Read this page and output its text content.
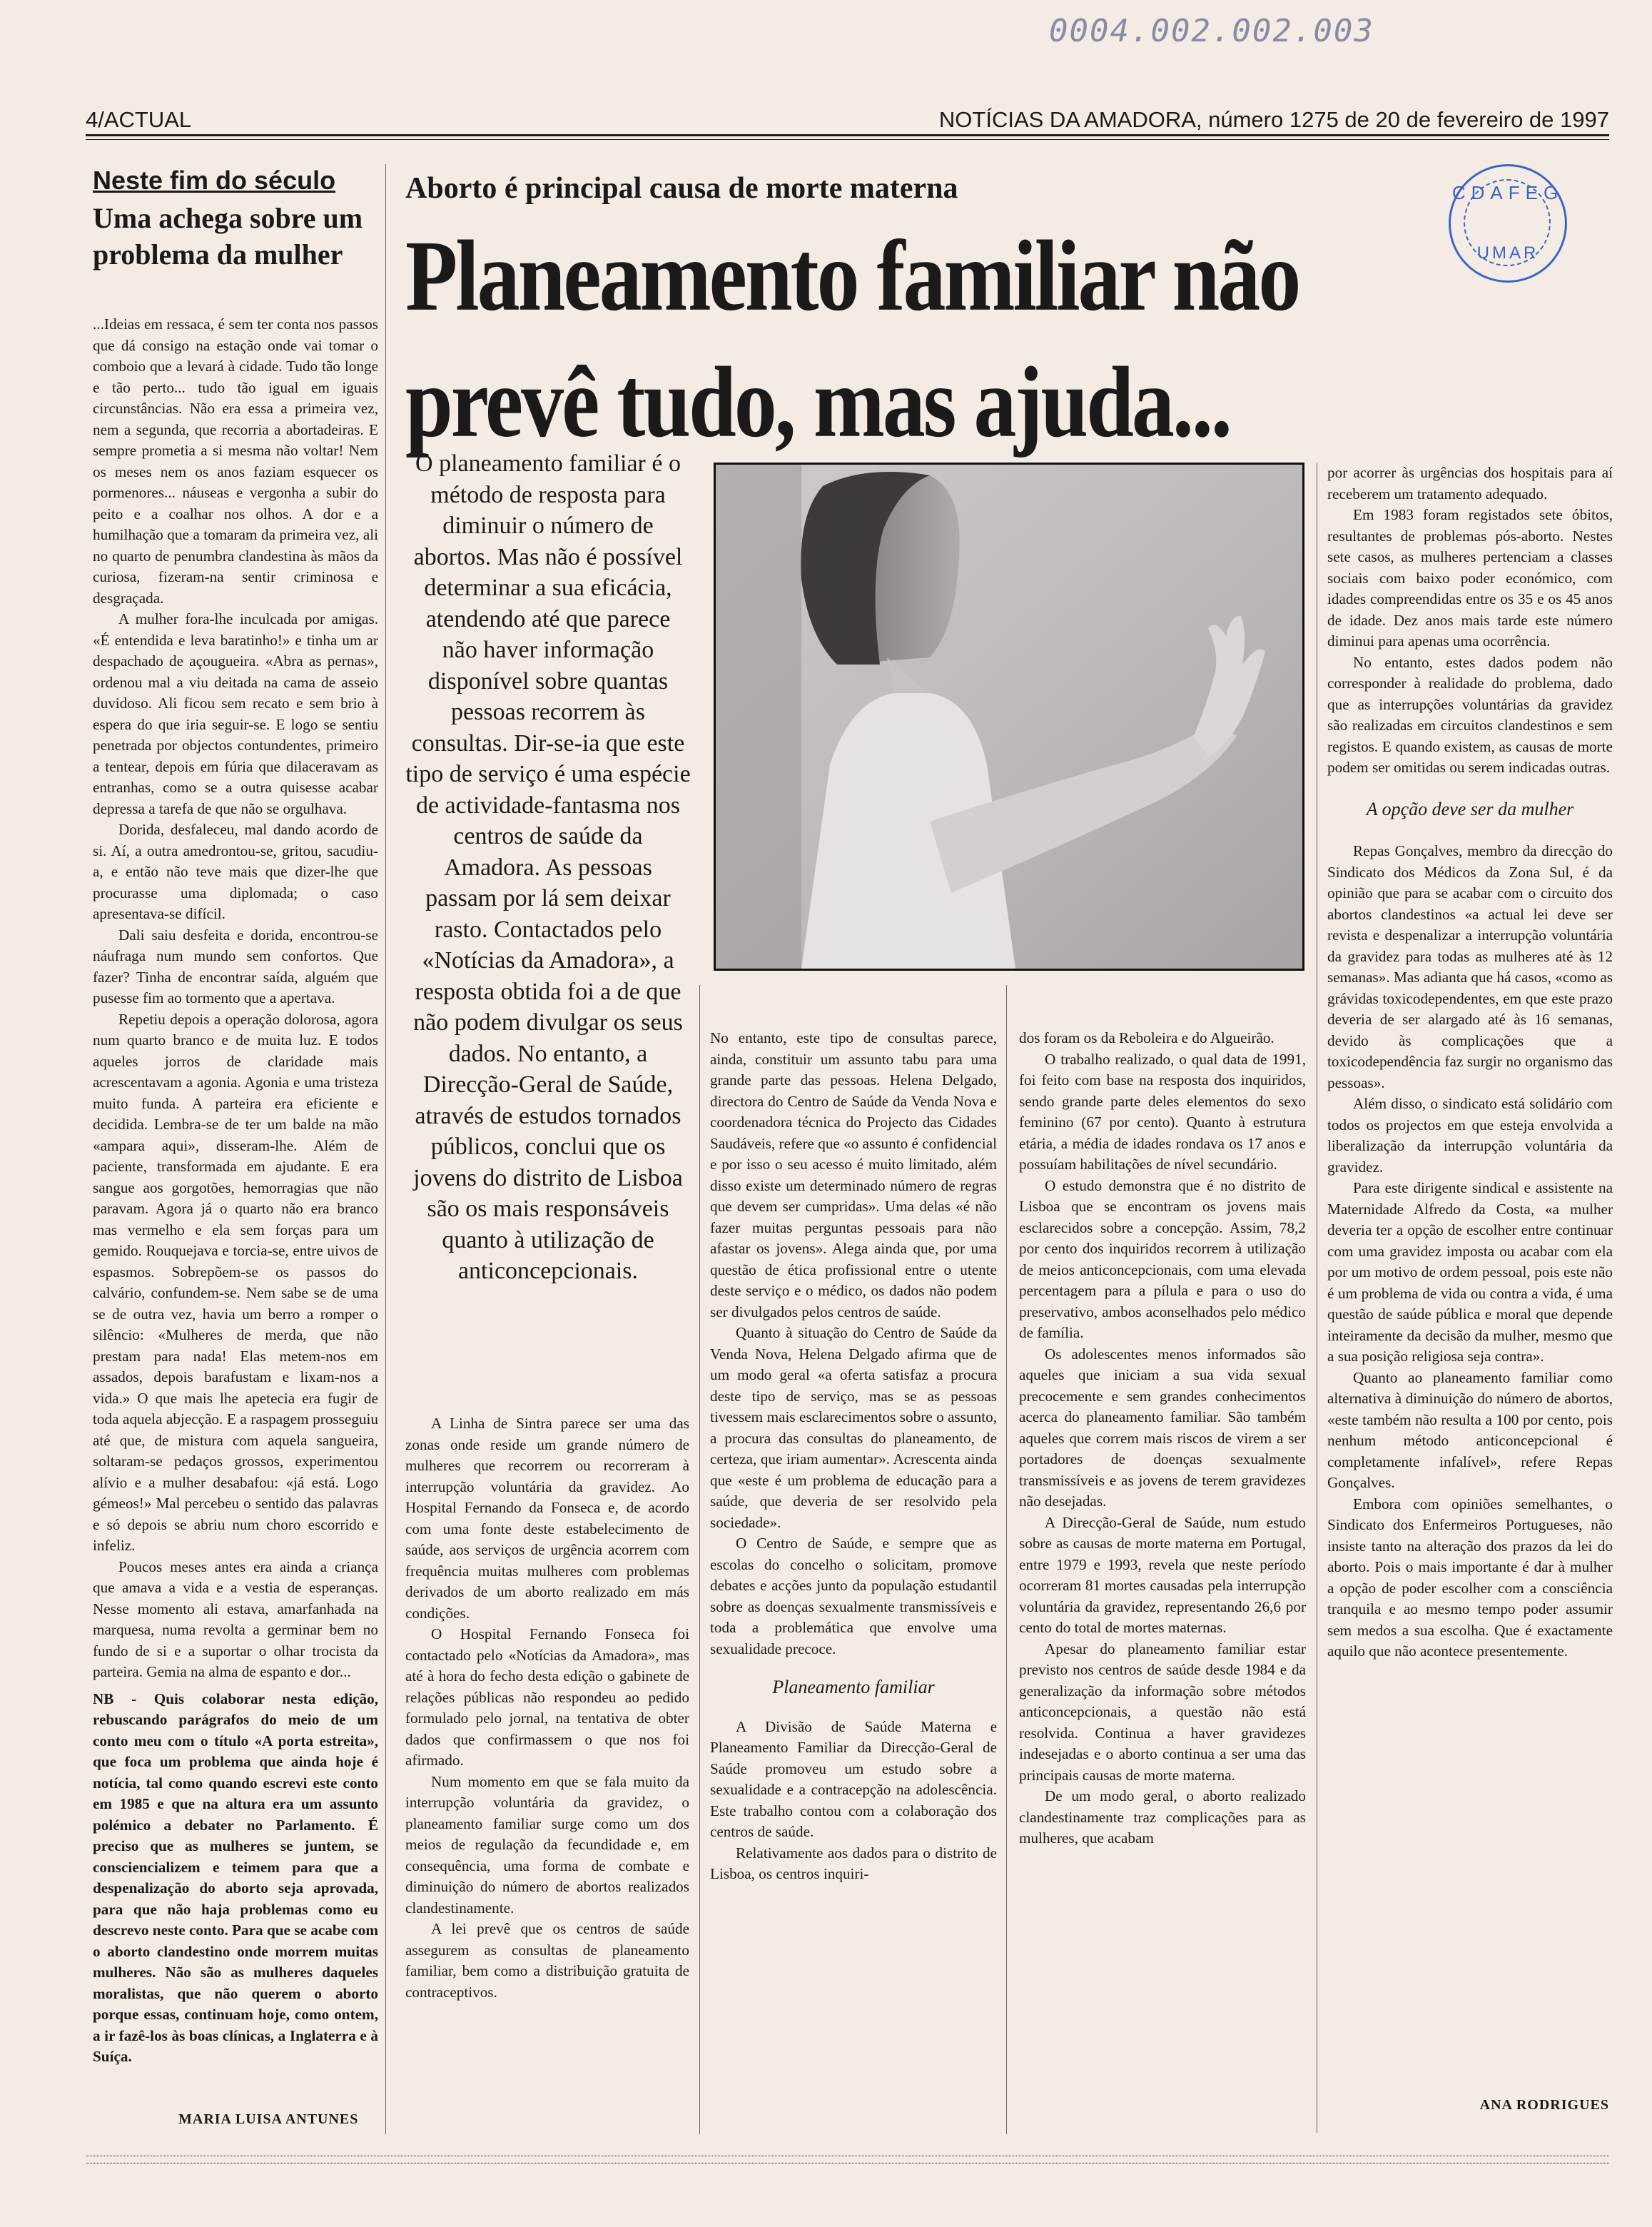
0004.002.002.003
4/ACTUAL	NOTÍCIAS DA AMADORA, número 1275 de 20 de fevereiro de 1997
Neste fim do século
Uma achega sobre um problema da mulher

...Ideias em ressaca, é sem ter conta nos passos que dá consigo na estação onde vai tomar o comboio que a levará à cidade. Tudo tão longe e tão perto... tudo tão igual em iguais circunstâncias. Não era essa a primeira vez, nem a segunda, que recorria a abortadeiras. E sempre prometia a si mesma não voltar! Nem os meses nem os anos faziam esquecer os pormenores... náuseas e vergonha a subir do peito e a coalhar nos olhos. A dor e a humilhação que a tomaram da primeira vez, ali no quarto de penumbra clandestina às mãos da curiosa, fizeram-na sentir criminosa e desgraçada.

A mulher fora-lhe inculcada por amigas. «É entendida e leva baratinho!» e tinha um ar despachado de açougueira. «Abra as pernas», ordenou mal a viu deitada na cama de asseio duvidoso. Ali ficou sem recato e sem brio à espera do que iria seguir-se. E logo se sentiu penetrada por objectos contundentes, primeiro a tentear, depois em fúria que dilaceravam as entranhas, como se a outra quisesse acabar depressa a tarefa de que não se orgulhava.

Dorida, desfaleceu, mal dando acordo de si. Aí, a outra amedrontou-se, gritou, sacudiu-a, e então não teve mais que dizer-lhe que procurasse uma diplomada; o caso apresentava-se difícil.

Dali saiu desfeita e dorida, encontrou-se náufraga num mundo sem confortos. Que fazer? Tinha de encontrar saída, alguém que pusesse fim ao tormento que a apertava.

Repetiu depois a operação dolorosa, agora num quarto branco e de muita luz. E todos aqueles jorros de claridade mais acrescentavam a agonia. Agonia e uma tristeza muito funda. A parteira era eficiente e decidida. Lembra-se de ter um balde na mão «ampara aqui», disseram-lhe. Além de paciente, transformada em ajudante. E era sangue aos gorgotões, hemorragias que não paravam. Agora já o quarto não era branco mas vermelho e ela sem forças para um gemido. Rouquejava e torcia-se, entre uivos de espasmos. Sobrepõem-se os passos do calvário, confundem-se. Nem sabe se de uma se de outra vez, havia um berro a romper o silêncio: «Mulheres de merda, que não prestam para nada! Elas metem-nos em assados, depois barafustam e lixam-nos a vida.» O que mais lhe apetecia era fugir de toda aquela abjecção. E a raspagem prosseguiu até que, de mistura com aquela sangueira, soltaram-se pedaços grossos, experimentou alívio e a mulher desabafou: «já está. Logo gémeos!» Mal percebeu o sentido das palavras e só depois se abriu num choro escorrido e infeliz.

Poucos meses antes era ainda a criança que amava a vida e a vestia de esperanças. Nesse momento ali estava, amarfanhada na marquesa, numa revolta a germinar bem no fundo de si e a suportar o olhar trocista da parteira. Gemia na alma de espanto e dor...

NB - Quis colaborar nesta edição, rebuscando parágrafos do meio de um conto meu com o título «A porta estreita», que foca um problema que ainda hoje é notícia, tal como quando escrevi este conto em 1985 e que na altura era um assunto polémico a debater no Parlamento. É preciso que as mulheres se juntem, se consciencializem e teimem para que a despenalização do aborto seja aprovada, para que não haja problemas como eu descrevo neste conto. Para que se acabe com o aborto clandestino onde morrem muitas mulheres. Não são as mulheres daqueles moralistas, que não querem o aborto porque essas, continuam hoje, como ontem, a ir fazê-los às boas clínicas, a Inglaterra e à Suíça.

MARIA LUISA ANTUNES
Aborto é principal causa de morte materna
Planeamento familiar não prevê tudo, mas ajuda...
CDAFEG
UMAR
O planeamento familiar é o método de resposta para diminuir o número de abortos. Mas não é possível determinar a sua eficácia, atendendo até que parece não haver informação disponível sobre quantas pessoas recorrem às consultas. Dir-se-ia que este tipo de serviço é uma espécie de actividade-fantasma nos centros de saúde da Amadora. As pessoas passam por lá sem deixar rasto. Contactados pelo «Notícias da Amadora», a resposta obtida foi a de que não podem divulgar os seus dados. No entanto, a Direcção-Geral de Saúde, através de estudos tornados públicos, conclui que os jovens do distrito de Lisboa são os mais responsáveis quanto à utilização de anticoncepcionais.

A Linha de Sintra parece ser uma das zonas onde reside um grande número de mulheres que recorrem ou recorreram à interrupção voluntária da gravidez. Ao Hospital Fernando da Fonseca e, de acordo com uma fonte deste estabelecimento de saúde, aos serviços de urgência acorrem com frequência muitas mulheres com problemas derivados de um aborto realizado em más condições.

O Hospital Fernando Fonseca foi contactado pelo «Notícias da Amadora», mas até à hora do fecho desta edição o gabinete de relações públicas não respondeu ao pedido formulado pelo jornal, na tentativa de obter dados que confirmassem o que nos foi afirmado.

Num momento em que se fala muito da interrupção voluntária da gravidez, o planeamento familiar surge como um dos meios de regulação da fecundidade e, em consequência, uma forma de combate e diminuição do número de abortos realizados clandestinamente.

A lei prevê que os centros de saúde assegurem as consultas de planeamento familiar, bem como a distribuição gratuita de contraceptivos.

No entanto, este tipo de consultas parece, ainda, constituir um assunto tabu para uma grande parte das pessoas. Helena Delgado, directora do Centro de Saúde da Venda Nova e coordenadora técnica do Projecto das Cidades Saudáveis, refere que «o assunto é confidencial e por isso o seu acesso é muito limitado, além disso existe um determinado número de regras que devem ser cumpridas». Uma delas «é não fazer muitas perguntas pessoais para não afastar os jovens». Alega ainda que, por uma questão de ética profissional entre o utente deste serviço e o médico, os dados não podem ser divulgados pelos centros de saúde.

Quanto à situação do Centro de Saúde da Venda Nova, Helena Delgado afirma que de um modo geral «a oferta satisfaz a procura deste tipo de serviço, mas se as pessoas tivessem mais esclarecimentos sobre o assunto, a procura das consultas do planeamento, de certeza, que iriam aumentar». Acrescenta ainda que «este é um problema de educação para a saúde, que deveria de ser resolvido pela sociedade».

O Centro de Saúde, e sempre que as escolas do concelho o solicitam, promove debates e acções junto da população estudantil sobre as doenças sexualmente transmissíveis e toda a problemática que envolve uma sexualidade precoce.

Planeamento familiar

A Divisão de Saúde Materna e Planeamento Familiar da Direcção-Geral de Saúde promoveu um estudo sobre a sexualidade e a contracepção na adolescência. Este trabalho contou com a colaboração dos centros de saúde.

Relativamente aos dados para o distrito de Lisboa, os centros inquiri-

dos foram os da Reboleira e do Algueirão.

O trabalho realizado, o qual data de 1991, foi feito com base na resposta dos inquiridos, sendo grande parte deles elementos do sexo feminino (67 por cento). Quanto à estrutura etária, a média de idades rondava os 17 anos e possuíam habilitações de nível secundário.

O estudo demonstra que é no distrito de Lisboa que se encontram os jovens mais esclarecidos sobre a concepção. Assim, 78,2 por cento dos inquiridos recorrem à utilização de meios anticoncepcionais, com uma elevada percentagem para a pílula e para o uso do preservativo, ambos aconselhados pelo médico de família.

Os adolescentes menos informados são aqueles que iniciam a sua vida sexual precocemente e sem grandes conhecimentos acerca do planeamento familiar. São também aqueles que correm mais riscos de virem a ser portadores de doenças sexualmente transmissíveis e as jovens de terem gravidezes não desejadas.

A Direcção-Geral de Saúde, num estudo sobre as causas de morte materna em Portugal, entre 1979 e 1993, revela que neste período ocorreram 81 mortes causadas pela interrupção voluntária da gravidez, representando 26,6 por cento do total de mortes maternas.

Apesar do planeamento familiar estar previsto nos centros de saúde desde 1984 e da generalização da informação sobre métodos anticoncepcionais, a questão não está resolvida. Continua a haver gravidezes indesejadas e o aborto continua a ser uma das principais causas de morte materna.

De um modo geral, o aborto realizado clandestinamente traz complicações para as mulheres, que acabam

por acorrer às urgências dos hospitais para aí receberem um tratamento adequado.

Em 1983 foram registados sete óbitos, resultantes de problemas pós-aborto. Nestes sete casos, as mulheres pertenciam a classes sociais com baixo poder económico, com idades compreendidas entre os 35 e os 45 anos de idade. Dez anos mais tarde este número diminui para apenas uma ocorrência.

No entanto, estes dados podem não corresponder à realidade do problema, dado que as interrupções voluntárias da gravidez são realizadas em circuitos clandestinos e sem registos. E quando existem, as causas de morte podem ser omitidas ou serem indicadas outras.

A opção deve ser da mulher

Repas Gonçalves, membro da direcção do Sindicato dos Médicos da Zona Sul, é da opinião que para se acabar com o circuito dos abortos clandestinos «a actual lei deve ser revista e despenalizar a interrupção voluntária da gravidez para todas as mulheres até às 12 semanas». Mas adianta que há casos, «como as grávidas toxicodependentes, em que este prazo deveria de ser alargado até às 16 semanas, devido às complicações que a toxicodependência faz surgir no organismo das pessoas».

Além disso, o sindicato está solidário com todos os projectos em que esteja envolvida a liberalização da interrupção voluntária da gravidez.

Para este dirigente sindical e assistente na Maternidade Alfredo da Costa, «a mulher deveria ter a opção de escolher entre continuar com uma gravidez imposta ou acabar com ela por um motivo de ordem pessoal, pois este não é um problema de vida ou contra a vida, é uma questão de saúde pública e moral que depende inteiramente da decisão da mulher, mesmo que a sua posição religiosa seja contra».

Quanto ao planeamento familiar como alternativa à diminuição do número de abortos, «este também não resulta a 100 por cento, pois nenhum método anticoncepcional é completamente infalível», refere Repas Gonçalves.

Embora com opiniões semelhantes, o Sindicato dos Enfermeiros Portugueses, não insiste tanto na alteração dos prazos da lei do aborto. Pois o mais importante é dar à mulher a opção de poder escolher com a consciência tranquila e ao mesmo tempo poder assumir sem medos a sua escolha. Que é exactamente aquilo que não acontece presentemente.

ANA RODRIGUES
